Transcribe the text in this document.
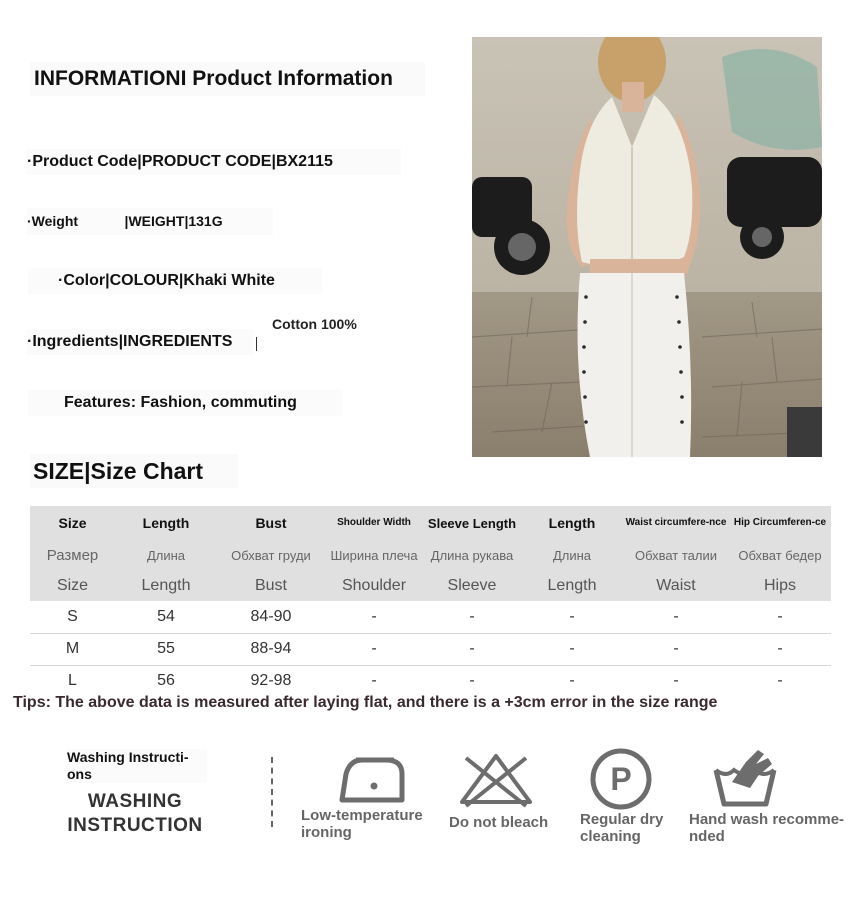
INFORMATIONI Product Information
·Product Code|PRODUCT CODE|BX2115
·Weight	|WEIGHT|131G
·Color|COLOUR|Khaki White
·Ingredients|INGREDIENTS
Cotton 100%
Features: Fashion, commuting
SIZE|Size Chart
Size	Length	Bust	Shoulder Width	Sleeve Length	Length	Waist circumfere-nce	Hip Circumferen-ce
Размер	Длина	Обхват груди	Ширина плеча	Длина рукава	Длина	Обхват талии	Обхват бедер
Size	Length	Bust	Shoulder	Sleeve	Length	Waist	Hips
S	54	84-90	-	-	-	-	-
M	55	88-94	-	-	-	-	-
L	56	92-98	-	-	-	-	-
Tips: The above data is measured after laying flat, and there is a +3cm error in the size range
Washing Instructi-ons
WASHING
INSTRUCTION	Low-temperature
ironing
Do not bleach
P
Regular dry
cleaning
Hand wash recomme-
nded
